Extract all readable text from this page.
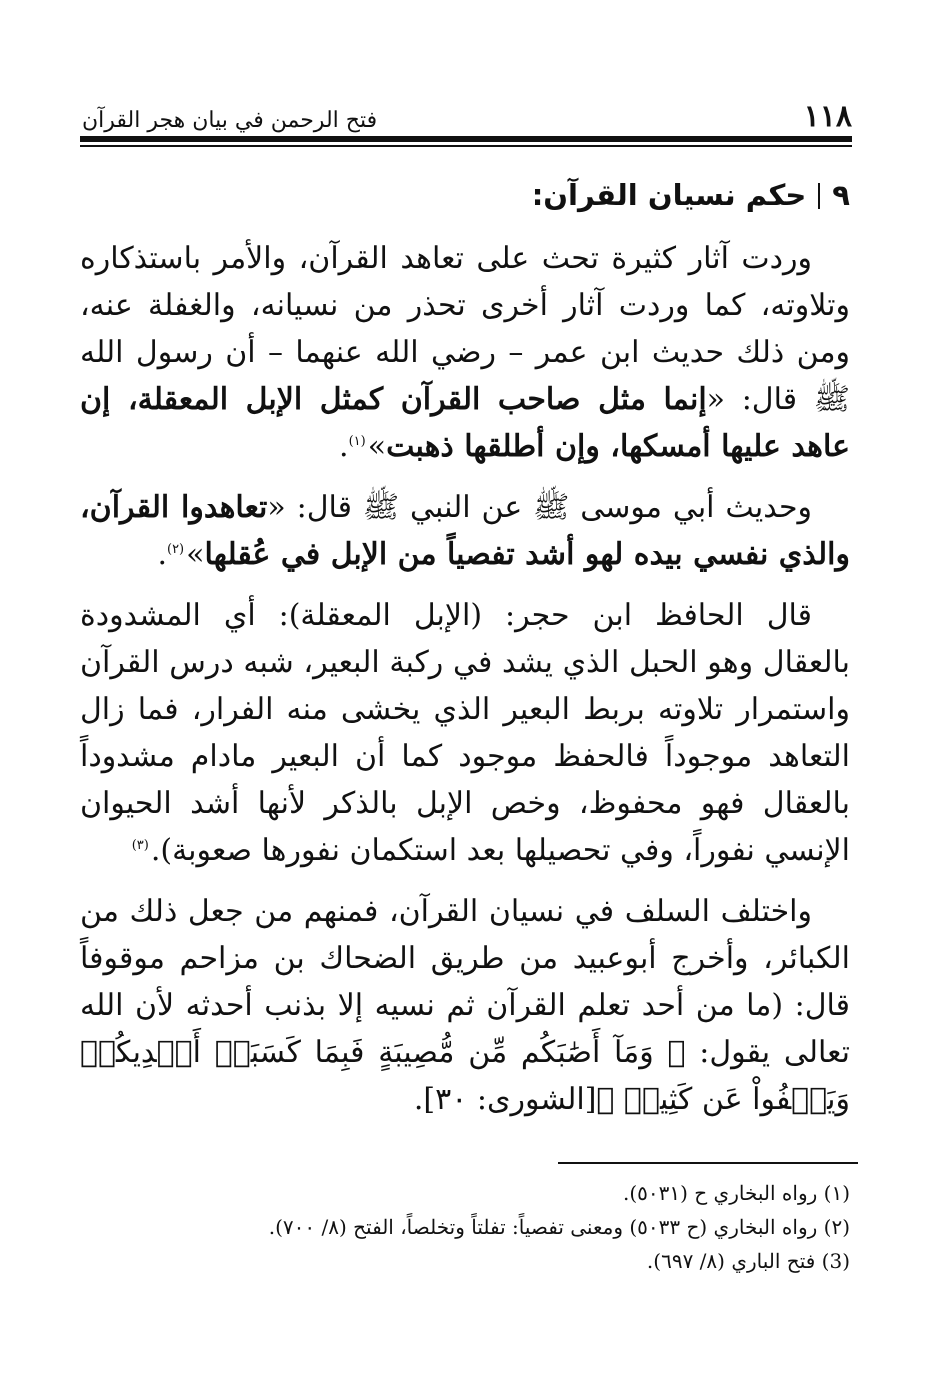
١١٨
فتح الرحمن في بيان هجر القرآن
٩
حكم نسيان القرآن:

وردت آثار كثيرة تحث على تعاهد القرآن، والأمر باستذكاره وتلاوته، كما وردت آثار أخرى تحذر من نسيانه، والغفلة عنه، ومن ذلك حديث ابن عمر – رضي الله عنهما – أن رسول الله ﷺ قال: «إنما مثل صاحب القرآن كمثل الإبل المعقلة، إن عاهد عليها أمسكها، وإن أطلقها ذهبت»$^{(١)}$.

وحديث أبي موسى ﷺ عن النبي ﷺ قال: «تعاهدوا القرآن، والذي نفسي بيده لهو أشد تفصياً من الإبل في عُقلها»$^{(٢)}$.

قال الحافظ ابن حجر: (الإبل المعقلة): أي المشدودة بالعقال وهو الحبل الذي يشد في ركبة البعير، شبه درس القرآن واستمرار تلاوته بربط البعير الذي يخشى منه الفرار، فما زال التعاهد موجوداً فالحفظ موجود كما أن البعير مادام مشدوداً بالعقال فهو محفوظ، وخص الإبل بالذكر لأنها أشد الحيوان الإنسي نفوراً، وفي تحصيلها بعد استكمان نفورها صعوبة).$^{(٣)}$

واختلف السلف في نسيان القرآن، فمنهم من جعل ذلك من الكبائر، وأخرج أبوعبيد من طريق الضحاك بن مزاحم موقوفاً قال: (ما من أحد تعلم القرآن ثم نسيه إلا بذنب أحدثه لأن الله تعالى يقول: ﴿ وَمَآ أَصَٰبَكُم مِّن مُّصِيبَةٍ فَبِمَا كَسَبَتۡ أَيۡدِيكُمۡ وَيَعۡفُواْ عَن كَثِيرٖ ﴾[الشورى: ٣٠].

(١) رواه البخاري ح (٥٠٣١).
(٢) رواه البخاري (ح ٥٠٣٣) ومعنى تفصياً: تفلتاً وتخلصاً، الفتح (٨/ ٧٠٠).
(3) فتح الباري (٨/ ٦٩٧).
